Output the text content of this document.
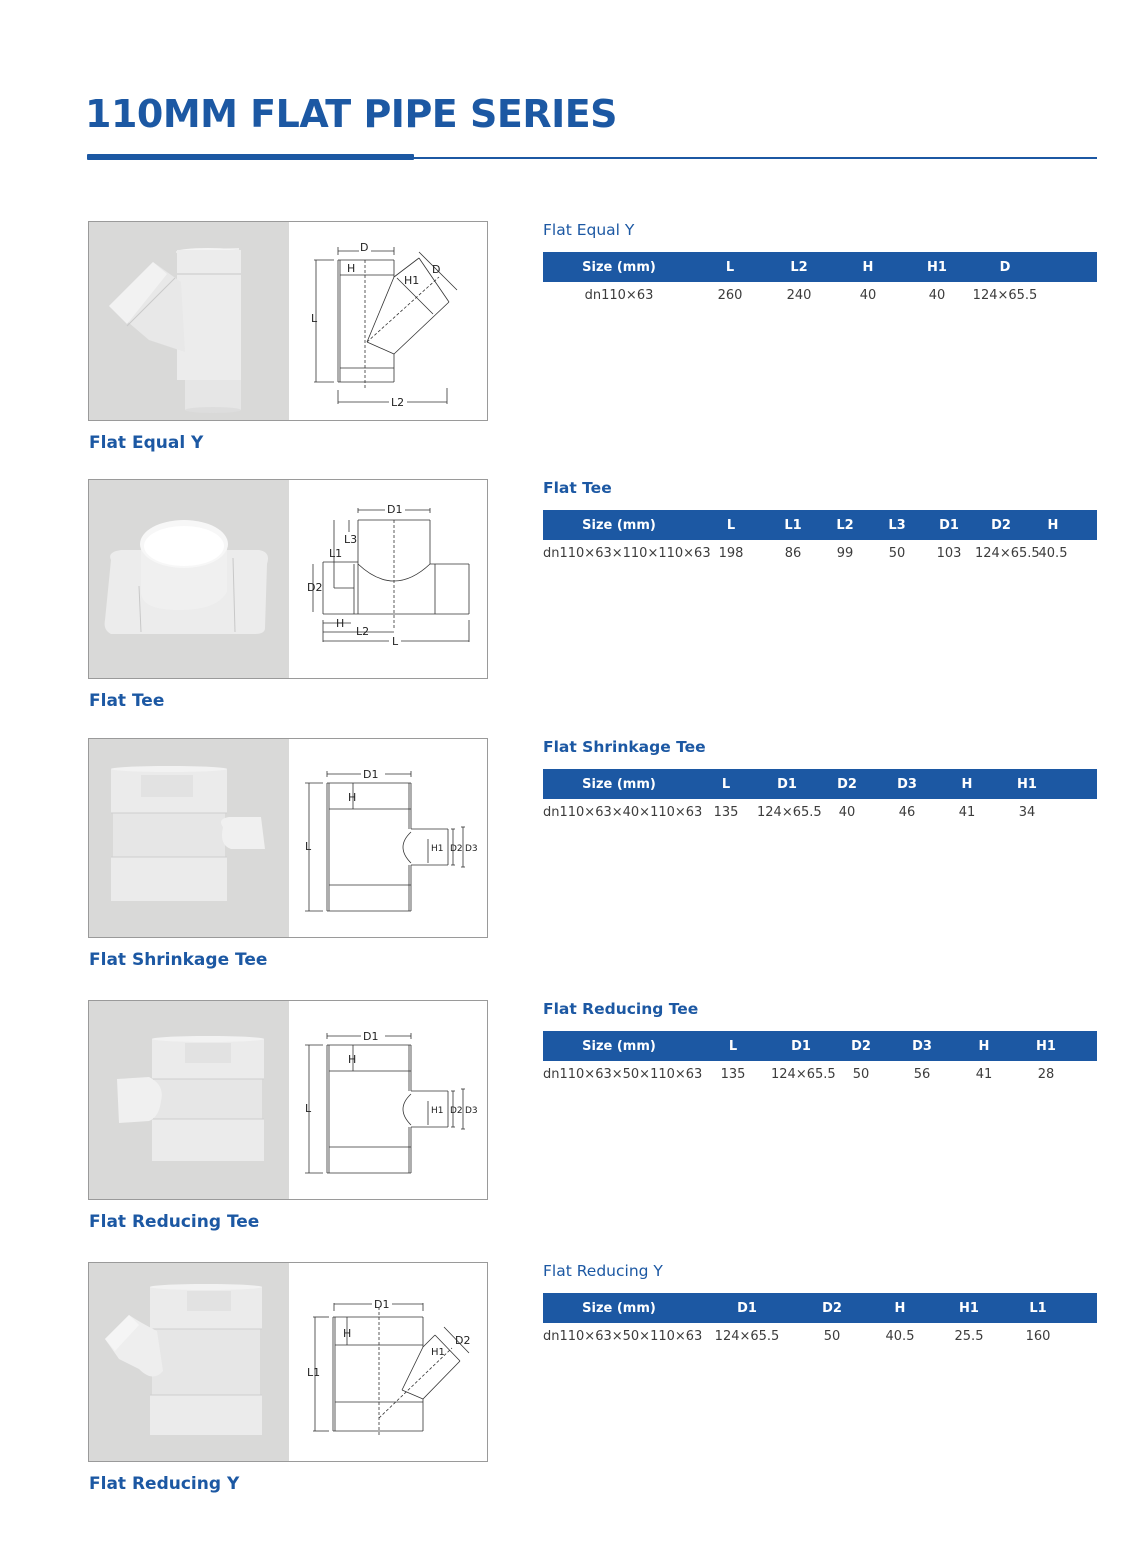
110MM FLAT PIPE SERIES
D
H
H1
D
L
L2
Flat Equal Y
Flat Equal Y
Size (mm)	L	L2	H	H1	D	
dn110×63	260	240	40	40	124×65.5	
D1
L3
L1
D2
H
L2
L
Flat Tee
Flat Tee
Size (mm)	L	L1	L2	L3	D1	D2	H	
dn110×63×110×110×63	198	86	99	50	103	124×65.5	40.5	
D1
H
L	H1 D2 D3
Flat Shrinkage Tee
Flat Shrinkage Tee
Size (mm)	L	D1	D2	D3	H	H1	
dn110×63×40×110×63	135	124×65.5	40	46	41	34	
D1
H
L	H1 D2 D3
Flat Reducing Tee
Flat Reducing Tee
Size (mm)	L	D1	D2	D3	H	H1	
dn110×63×50×110×63	135	124×65.5	50	56	41	28	
D1
H
L1
H1
D2
Flat Reducing Y
Flat Reducing Y
Size (mm)	D1	D2	H	H1	L1	
dn110×63×50×110×63	124×65.5	50	40.5	25.5	160	
